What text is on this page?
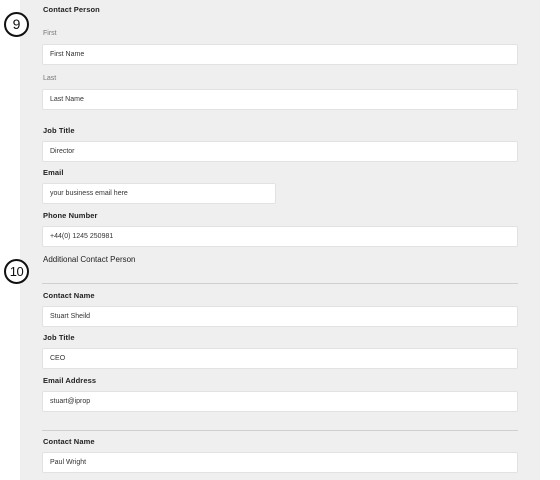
9
Contact Person
First
First Name
Last
Last Name
Job Title
Director
Email
your business email here
Phone Number
+44(0) 1245 250981
10
Additional Contact Person
Contact Name
Stuart Sheild
Job Title
CEO
Email Address
stuart@iprop
Contact Name
Paul Wright
